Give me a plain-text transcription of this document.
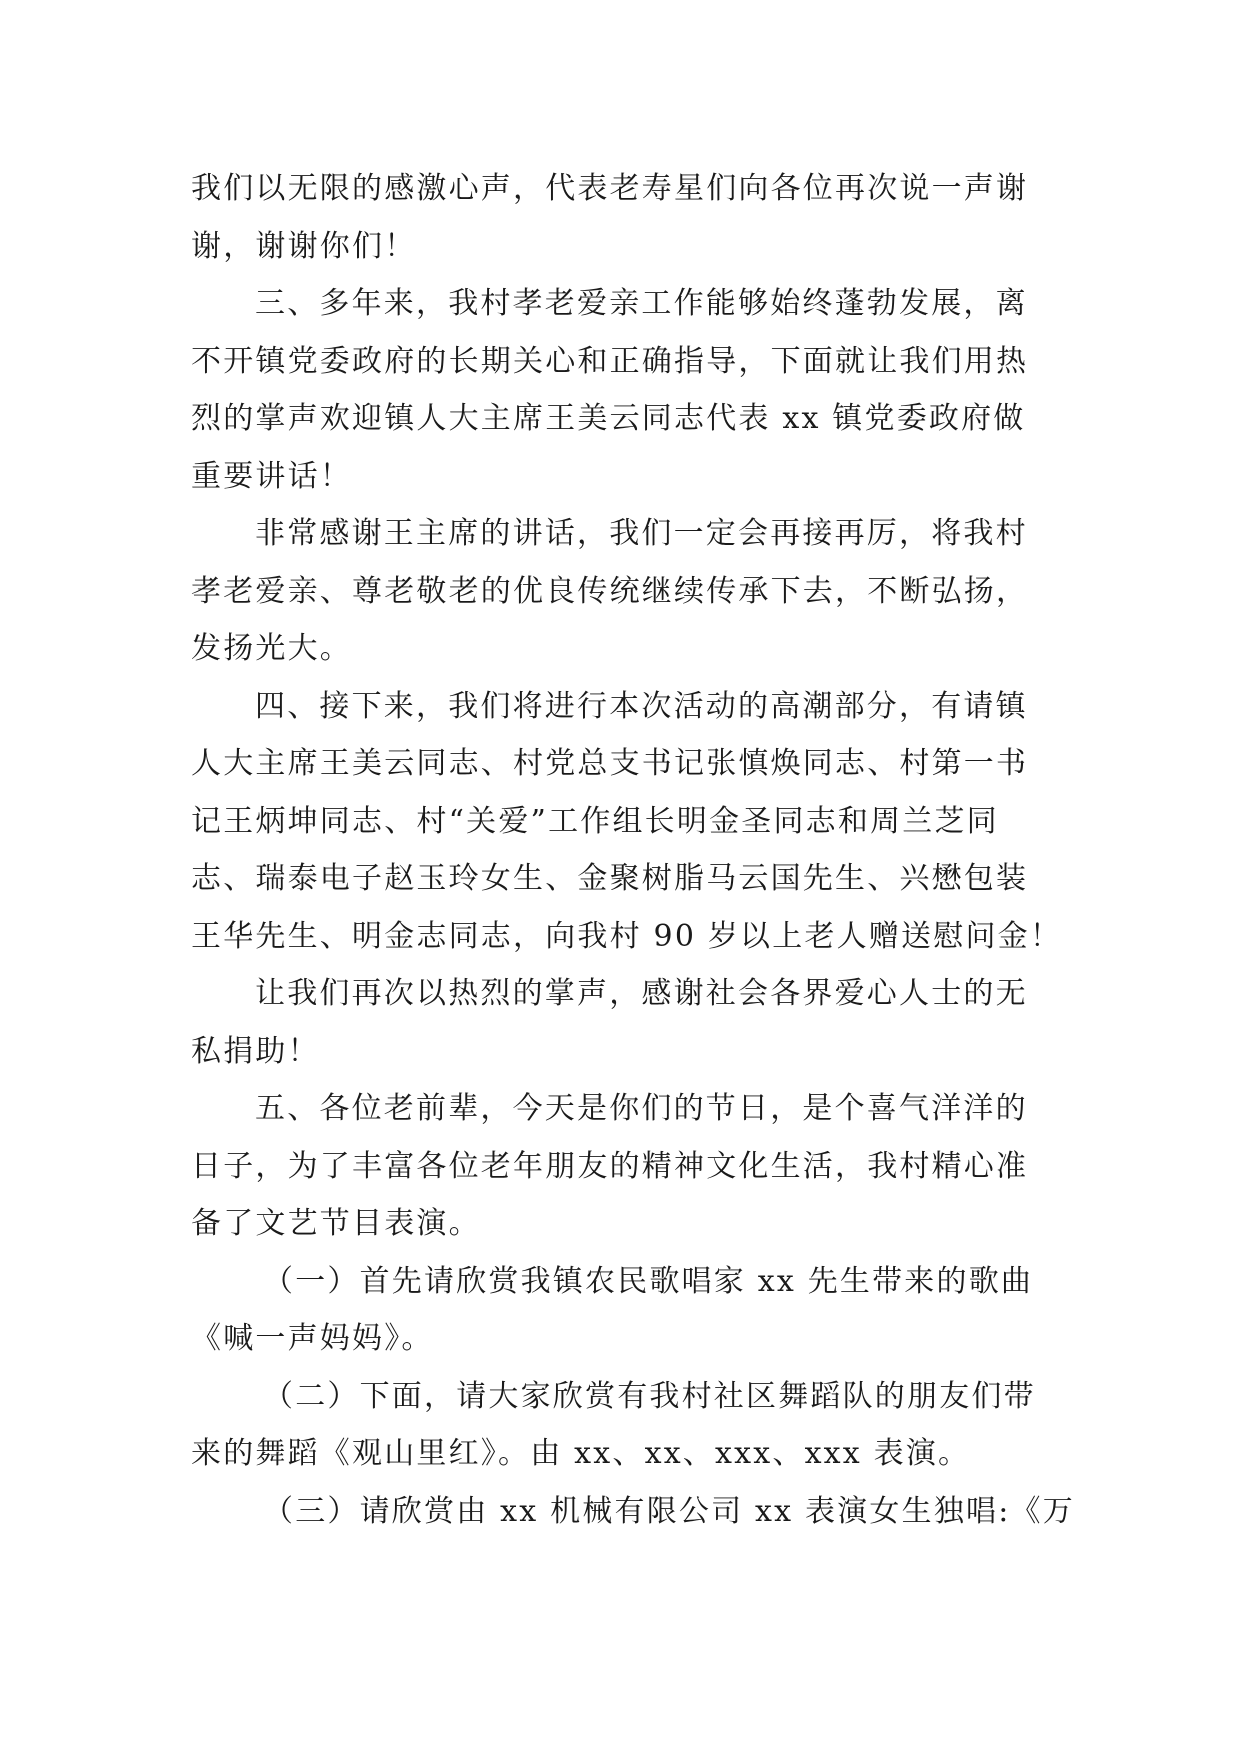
我们以无限的感激心声，代表老寿星们向各位再次说一声谢
谢，谢谢你们！
三、多年来，我村孝老爱亲工作能够始终蓬勃发展，离
不开镇党委政府的长期关心和正确指导，下面就让我们用热
烈的掌声欢迎镇人大主席王美云同志代表 xx 镇党委政府做
重要讲话！
非常感谢王主席的讲话，我们一定会再接再厉，将我村
孝老爱亲、尊老敬老的优良传统继续传承下去，不断弘扬，
发扬光大。
四、接下来，我们将进行本次活动的高潮部分，有请镇
人大主席王美云同志、村党总支书记张慎焕同志、村第一书
记王炳坤同志、村“关爱”工作组长明金圣同志和周兰芝同
志、瑞泰电子赵玉玲女生、金聚树脂马云国先生、兴懋包装
王华先生、明金志同志，向我村 90 岁以上老人赠送慰问金！
让我们再次以热烈的掌声，感谢社会各界爱心人士的无
私捐助！
五、各位老前辈，今天是你们的节日，是个喜气洋洋的
日子，为了丰富各位老年朋友的精神文化生活，我村精心准
备了文艺节目表演。
（一）首先请欣赏我镇农民歌唱家 xx 先生带来的歌曲
《喊一声妈妈》。
（二）下面，请大家欣赏有我村社区舞蹈队的朋友们带
来的舞蹈《观山里红》。由 xx、xx、xxx、xxx 表演。
（三）请欣赏由 xx 机械有限公司 xx 表演女生独唱:《万
